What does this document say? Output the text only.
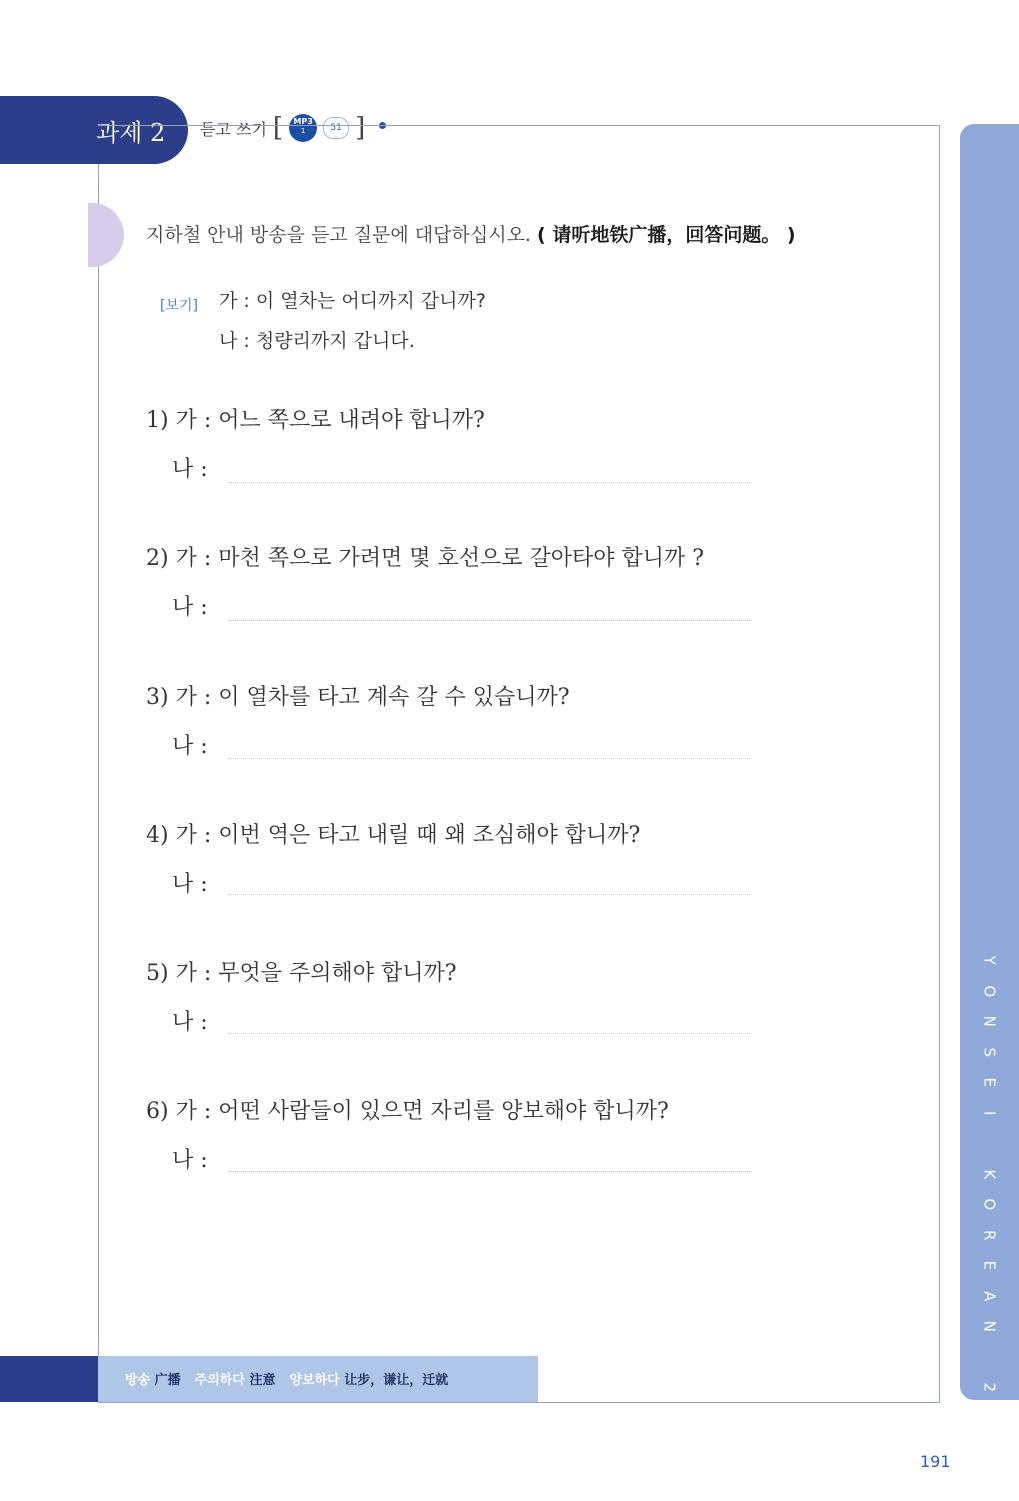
과제 2 듣고 쓰기 [	MP3
1	51 ]
Y
O
N
S
E
I

K
O
R
E
A
N

2
지하철 안내 방송을 듣고 질문에 대답하십시오. ( 请听地铁广播，回答问题。 )
[보기] 가 : 이 열차는 어디까지 갑니까?
나 : 청량리까지 갑니다.
1) 가 : 어느 쪽으로 내려야 합니까?
나 :
2) 가 : 마천 쪽으로 가려면 몇 호선으로 갈아타야 합니까 ?
나 :
3) 가 : 이 열차를 타고 계속 갈 수 있습니까?
나 :
4) 가 : 이번 역은 타고 내릴 때 왜 조심해야 합니까?
나 :
5) 가 : 무엇을 주의해야 합니까?
나 :
6) 가 : 어떤 사람들이 있으면 자리를 양보해야 합니까?
나 :
방송 广播 주의하다 注意 양보하다 让步，谦让，迁就
191
